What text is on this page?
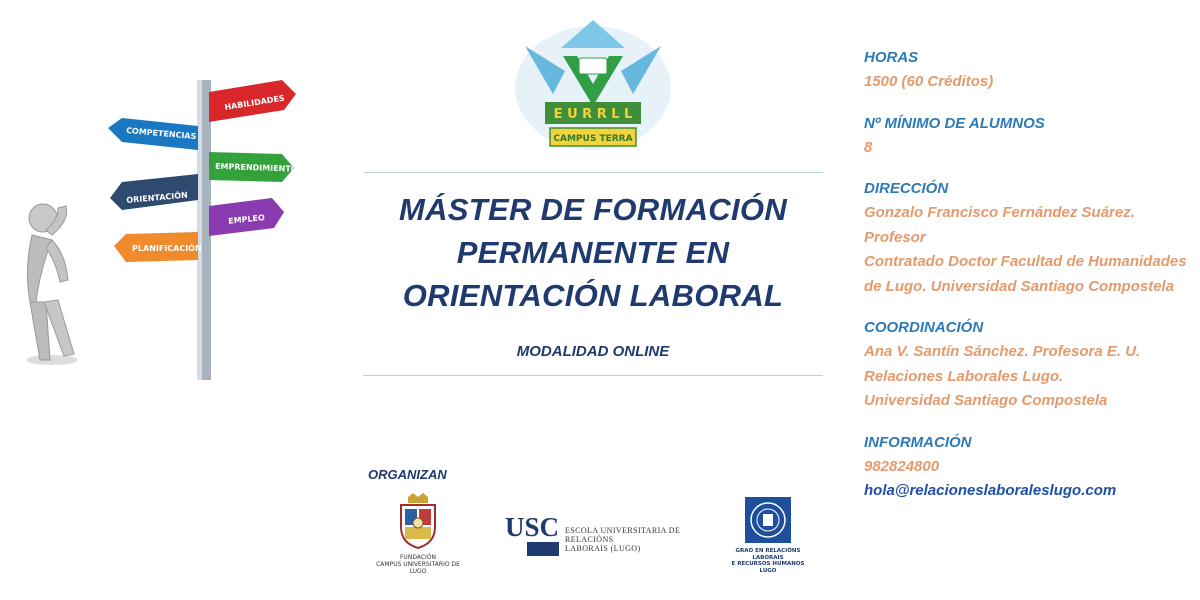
HABILIDADES
COMPETENCIAS
EMPRENDIMIENTO
ORIENTACIÓN
EMPLEO
PLANIFICACIÓN
E U R R L L
CAMPUS TERRA
MÁSTER DE FORMACIÓN
PERMANENTE EN
ORIENTACIÓN LABORAL
MODALIDAD ONLINE
HORAS
1500 (60 Créditos)
Nº MÍNIMO DE ALUMNOS
8
DIRECCIÓN
Gonzalo Francisco Fernández Suárez. Profesor
Contratado Doctor Facultad de Humanidades
de Lugo. Universidad Santiago Compostela
COORDINACIÓN
Ana V. Santín Sánchez. Profesora E. U.
Relaciones Laborales Lugo.
Universidad Santiago Compostela
INFORMACIÓN
982824800
hola@relacioneslaboraleslugo.com
ORGANIZAN
FUNDACIÓN
CAMPUS UNIVERSITARIO DE LUGO
USC ESCOLA UNIVERSITARIA DE RELACIÓNS
LABORAIS (LUGO)	GRAO EN RELACIÓNS LABORAIS
E RECURSOS HUMANOS
LUGO
